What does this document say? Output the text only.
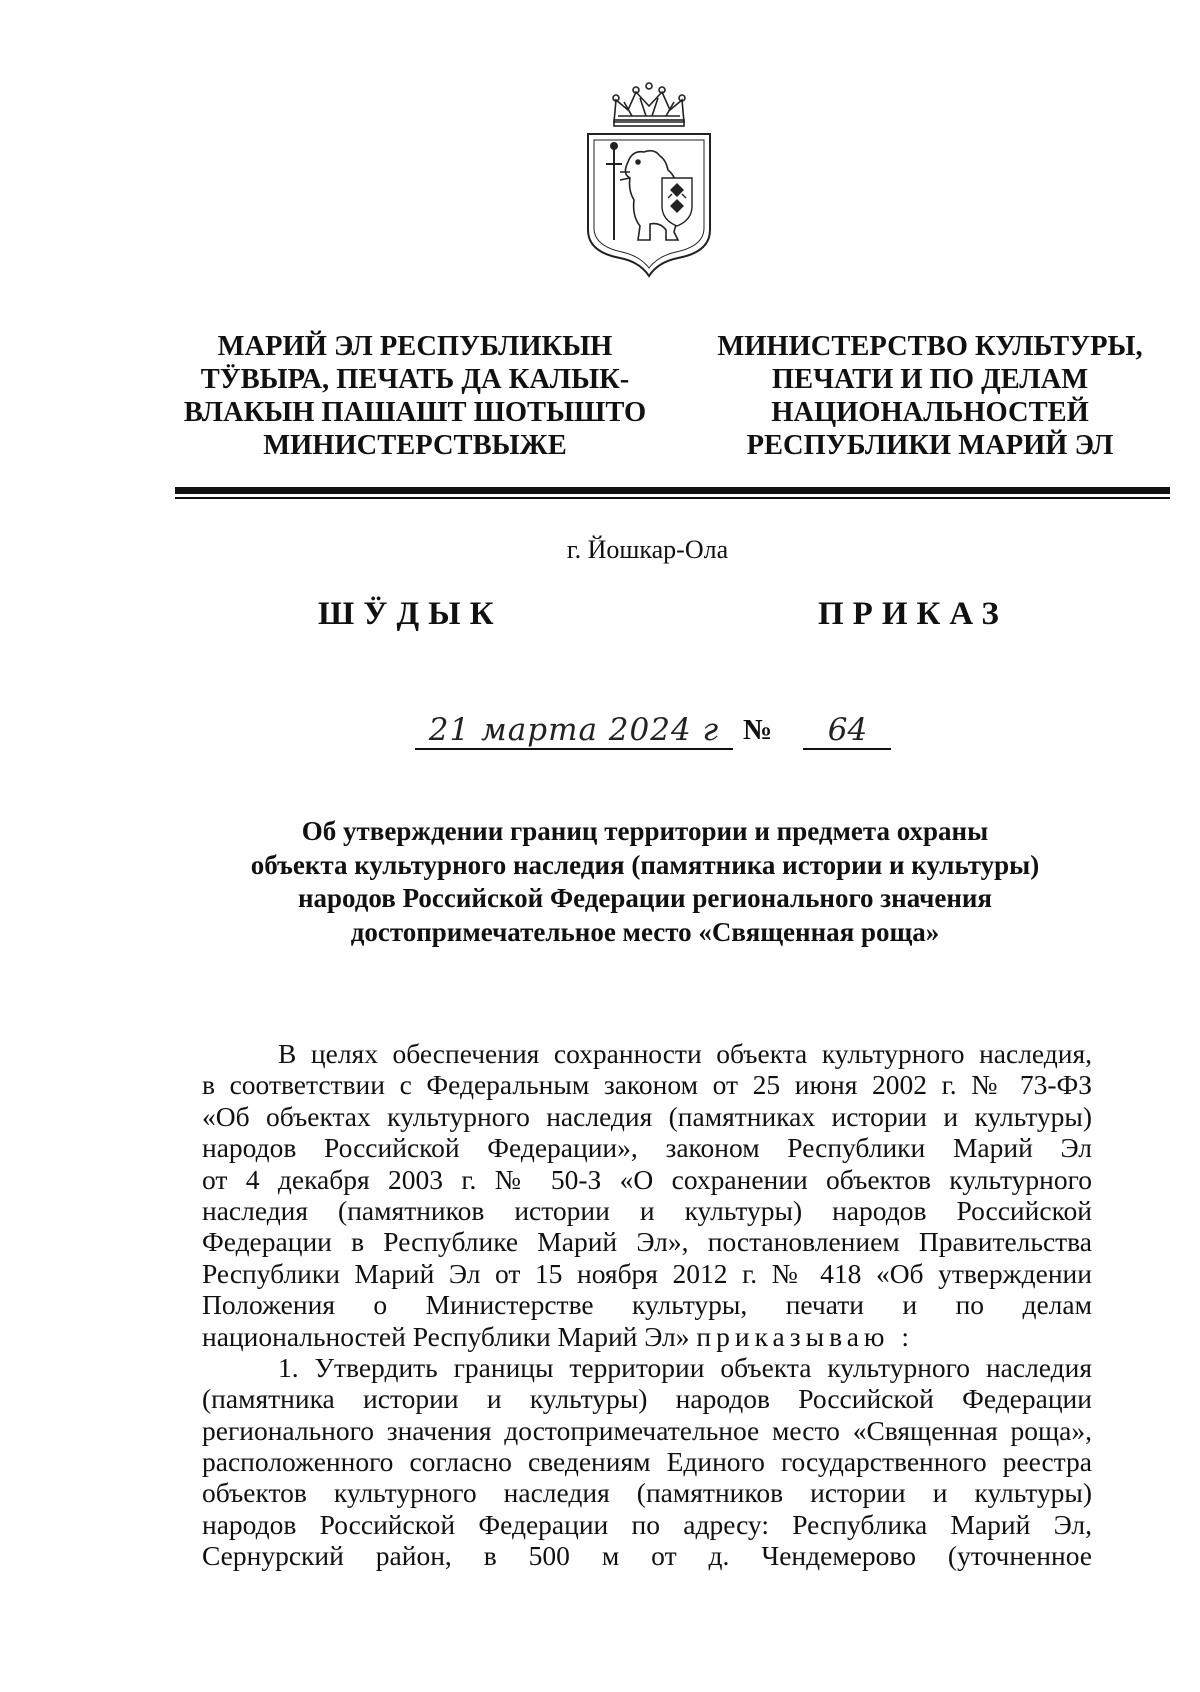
МАРИЙ ЭЛ РЕСПУБЛИКЫН
ТӰВЫРА, ПЕЧАТЬ ДА КАЛЫК-
ВЛАКЫН ПАШАШТ ШОТЫШТО
МИНИСТЕРСТВЫЖЕ
МИНИСТЕРСТВО КУЛЬТУРЫ,
ПЕЧАТИ И ПО ДЕЛАМ
НАЦИОНАЛЬНОСТЕЙ
РЕСПУБЛИКИ МАРИЙ ЭЛ
г. Йошкар-Ола
ШӰДЫК	ПРИКАЗ
21 марта 2024 г №	64
Об утверждении границ территории и предмета охраны
объекта культурного наследия (памятника истории и культуры)
народов Российской Федерации регионального значения
достопримечательное место «Священная роща»
В целях обеспечения сохранности объекта культурного наследия,
в соответствии с Федеральным законом от 25 июня 2002 г. № 73-ФЗ
«Об объектах культурного наследия (памятниках истории и культуры)
народов Российской Федерации», законом Республики Марий Эл
от 4 декабря 2003 г. № 50-З «О сохранении объектов культурного
наследия (памятников истории и культуры) народов Российской
Федерации в Республике Марий Эл», постановлением Правительства
Республики Марий Эл от 15 ноября 2012 г. № 418 «Об утверждении
Положения о Министерстве культуры, печати и по делам
национальностей Республики Марий Эл» приказываю :
1. Утвердить границы территории объекта культурного наследия
(памятника истории и культуры) народов Российской Федерации
регионального значения достопримечательное место «Священная роща»,
расположенного согласно сведениям Единого государственного реестра
объектов культурного наследия (памятников истории и культуры)
народов Российской Федерации по адресу: Республика Марий Эл,
Сернурский район, в 500 м от д. Чендемерово (уточненное
